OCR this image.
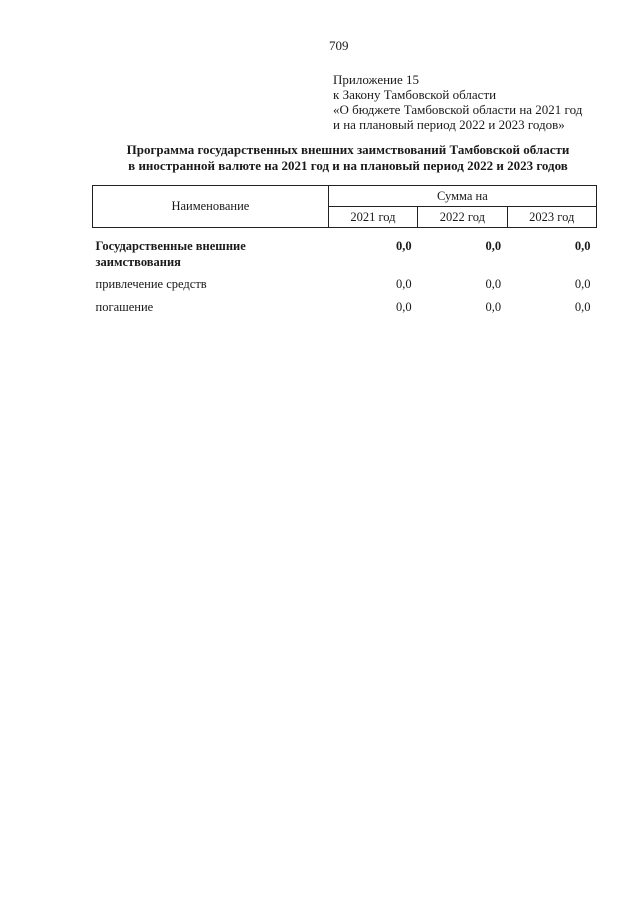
709
Приложение 15
к Закону Тамбовской области
«О бюджете Тамбовской области на 2021 год
и на плановый период 2022 и 2023 годов»
Программа государственных внешних заимствований Тамбовской области
в иностранной валюте на 2021 год и на плановый период 2022 и 2023 годов
Наименование	Сумма на		
	2021 год	2022 год	2023 год
Государственные внешние заимствования	0,0	0,0	0,0
привлечение средств	0,0	0,0	0,0
погашение	0,0	0,0	0,0
